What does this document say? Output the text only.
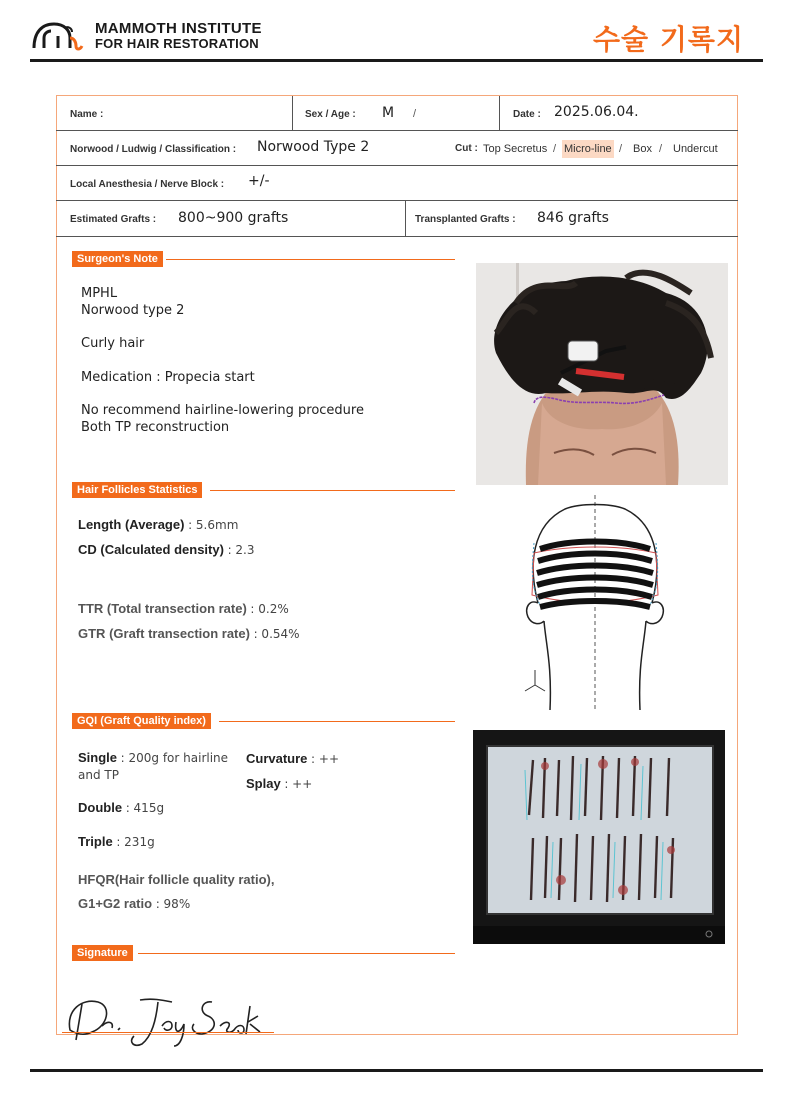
MAMMOTH INSTITUTE
FOR HAIR RESTORATION	수술 기록지
Name :	Sex / Age : M /	Date : 2025.06.04.
Norwood / Ludwig / Classification : Norwood Type 2	Cut : Top Secretus / Micro-line / Box / Undercut
Local Anesthesia / Nerve Block : +/-
Estimated Grafts : 800~900 grafts	Transplanted Grafts : 846 grafts
Surgeon's Note
MPHL
Norwood type 2
Curly hair
Medication : Propecia start
No recommend hairline-lowering procedure
Both TP reconstruction
Hair Follicles Statistics
Length (Average) : 5.6mm
CD (Calculated density) : 2.3
TTR (Total transection rate) : 0.2%
GTR (Graft transection rate) : 0.54%
GQI (Graft Quality index)
Single : 200g for hairline
and TP
Double : 415g
Triple : 231g
Curvature : ++
Splay : ++
HFQR(Hair follicle quality ratio),
G1+G2 ratio : 98%
Signature
